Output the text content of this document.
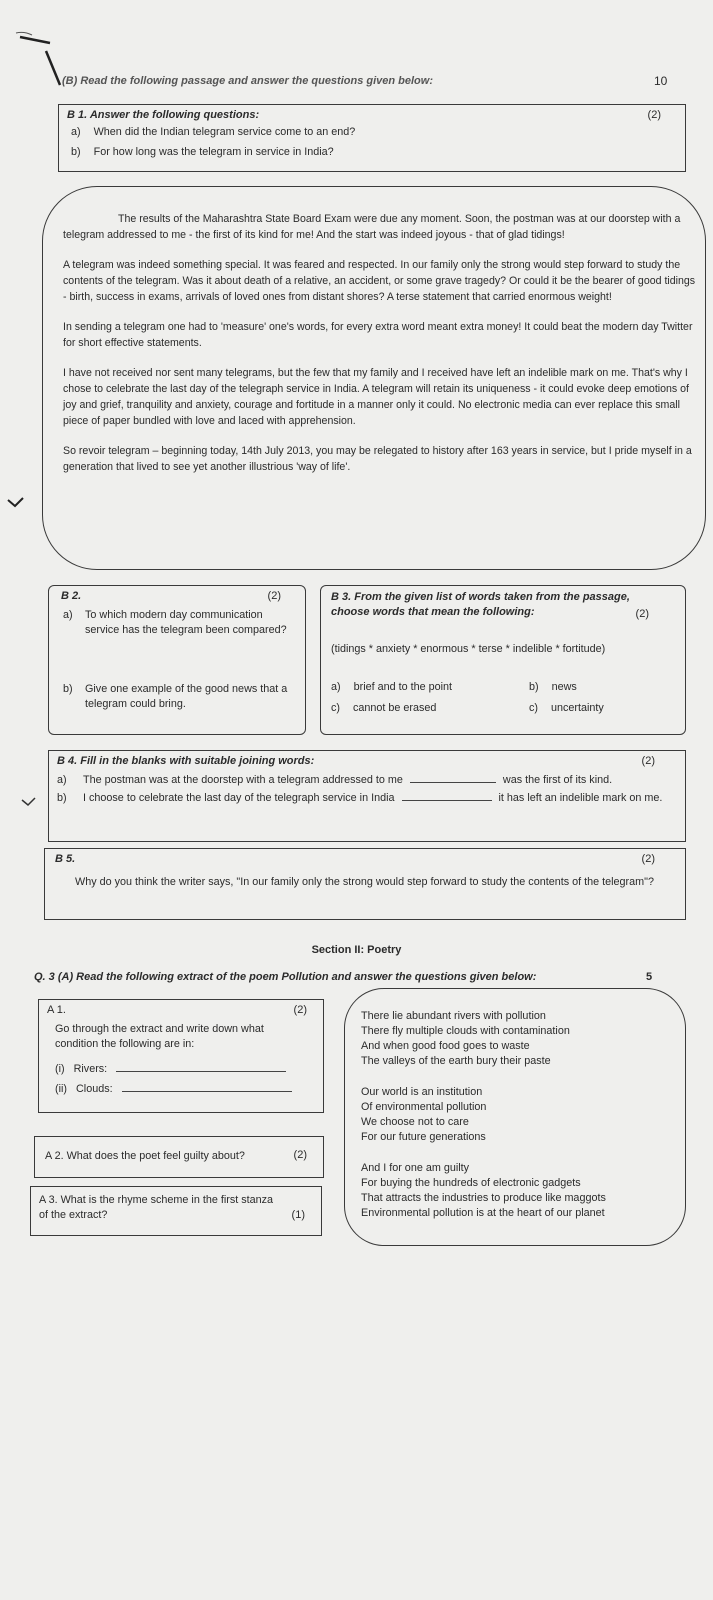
(B) Read the following passage and answer the questions given below:	10
B 1. Answer the following questions:	(2)
a) When did the Indian telegram service come to an end?
b) For how long was the telegram in service in India?

The results of the Maharashtra State Board Exam were due any moment. Soon, the postman was at our doorstep with a telegram addressed to me - the first of its kind for me! And the start was indeed joyous - that of glad tidings!

A telegram was indeed something special. It was feared and respected. In our family only the strong would step forward to study the contents of the telegram. Was it about death of a relative, an accident, or some grave tragedy? Or could it be the bearer of good tidings - birth, success in exams, arrivals of loved ones from distant shores? A terse statement that carried enormous weight!

In sending a telegram one had to 'measure' one's words, for every extra word meant extra money! It could beat the modern day Twitter for short effective statements.

I have not received nor sent many telegrams, but the few that my family and I received have left an indelible mark on me. That's why I chose to celebrate the last day of the telegraph service in India. A telegram will retain its uniqueness - it could evoke deep emotions of joy and grief, tranquility and anxiety, courage and fortitude in a manner only it could. No electronic media can ever replace this small piece of paper bundled with love and laced with apprehension.

So revoir telegram – beginning today, 14th July 2013, you may be relegated to history after 163 years in service, but I pride myself in a generation that lived to see yet another illustrious 'way of life'.

B 2.	(2)
a) To which modern day communication service has the telegram been compared?
b) Give one example of the good news that a telegram could bring.
B 3. From the given list of words taken from the passage, choose words that mean the following:	(2)
(tidings * anxiety * enormous * terse * indelible * fortitude)
a) brief and to the point	b) news
c) cannot be erased	c) uncertainty
B 4. Fill in the blanks with suitable joining words:	(2)
a) The postman was at the doorstep with a telegram addressed to me	was the first of its kind.
b) I choose to celebrate the last day of the telegraph service in India	it has left an indelible mark on me.
B 5.	(2)
Why do you think the writer says, "In our family only the strong would step forward to study the contents of the telegram"?
Section II: Poetry
Q. 3 (A) Read the following extract of the poem Pollution and answer the questions given below:	5
A 1.	(2)
Go through the extract and write down what condition the following are in:
(i) Rivers:
(ii) Clouds:
A 2. What does the poet feel guilty about?	(2)
A 3. What is the rhyme scheme in the first stanza of the extract?	(1)
There lie abundant rivers with pollution
There fly multiple clouds with contamination
And when good food goes to waste
The valleys of the earth bury their paste
Our world is an institution
Of environmental pollution
We choose not to care
For our future generations
And I for one am guilty
For buying the hundreds of electronic gadgets
That attracts the industries to produce like maggots
Environmental pollution is at the heart of our planet
